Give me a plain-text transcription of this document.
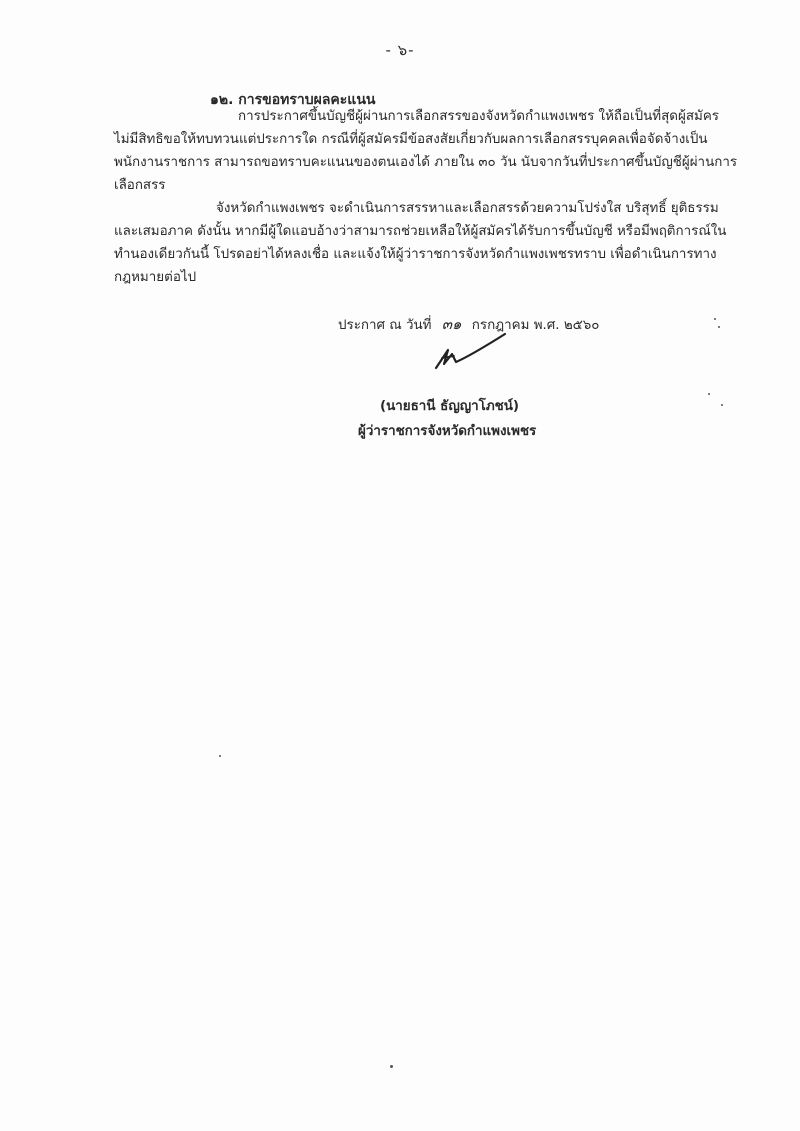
- ๖-
๑๒. การขอทราบผลคะแนน
การประกาศขึ้นบัญชีผู้ผ่านการเลือกสรรของจังหวัดกำแพงเพชร ให้ถือเป็นที่สุดผู้สมัคร
ไม่มีสิทธิขอให้ทบทวนแต่ประการใด กรณีที่ผู้สมัครมีข้อสงสัยเกี่ยวกับผลการเลือกสรรบุคคลเพื่อจัดจ้างเป็น
พนักงานราชการ สามารถขอทราบคะแนนของตนเองได้ ภายใน ๓๐ วัน นับจากวันที่ประกาศขึ้นบัญชีผู้ผ่านการ
เลือกสรร
จังหวัดกำแพงเพชร จะดำเนินการสรรหาและเลือกสรรด้วยความโปร่งใส บริสุทธิ์ ยุติธรรม
และเสมอภาค ดังนั้น หากมีผู้ใดแอบอ้างว่าสามารถช่วยเหลือให้ผู้สมัครได้รับการขึ้นบัญชี หรือมีพฤติการณ์ใน
ทำนองเดียวกันนี้ โปรดอย่าได้หลงเชื่อ และแจ้งให้ผู้ว่าราชการจังหวัดกำแพงเพชรทราบ เพื่อดำเนินการทาง
กฎหมายต่อไป
ประกาศ ณ วันที่ ๓๑ กรกฎาคม พ.ศ. ๒๕๖๐
(นายธานี ธัญญาโภชน์)
ผู้ว่าราชการจังหวัดกำแพงเพชร
